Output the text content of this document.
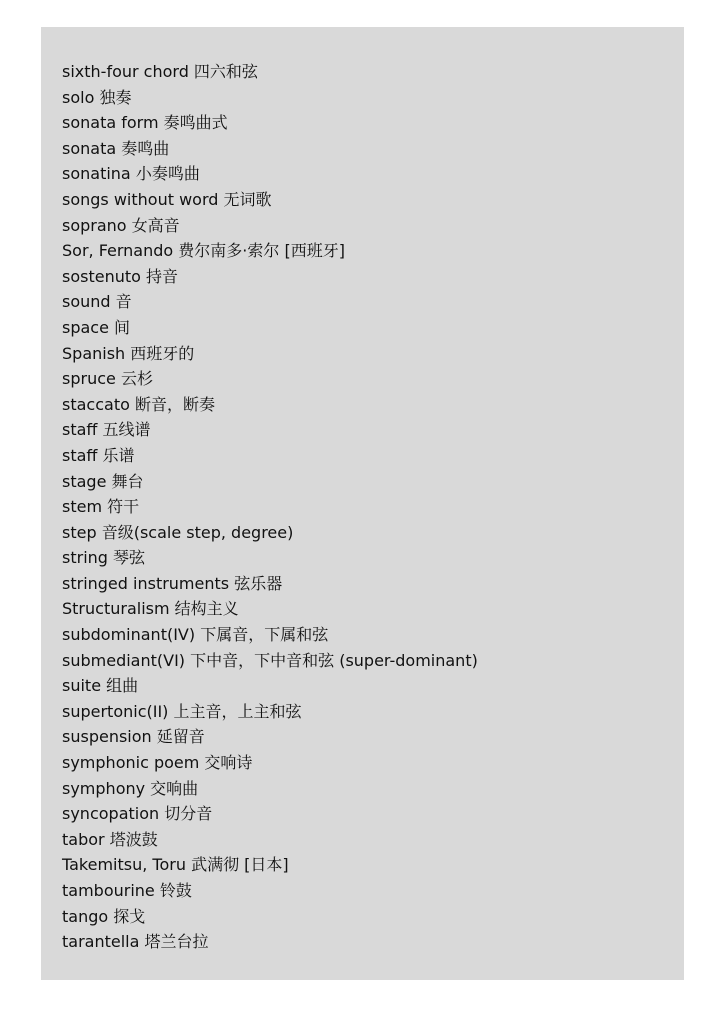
sixth-four chord 四六和弦
solo 独奏
sonata form 奏鸣曲式
sonata 奏鸣曲
sonatina 小奏鸣曲
songs without word 无词歌
soprano 女高音
Sor, Fernando 费尔南多·索尔 [西班牙]
sostenuto 持音
sound 音
space 间
Spanish 西班牙的
spruce 云杉
staccato 断音，断奏
staff 五线谱
staff 乐谱
stage 舞台
stem 符干
step 音级(scale step, degree)
string 琴弦
stringed instruments 弦乐器
Structuralism 结构主义
subdominant(IV) 下属音，下属和弦
submediant(VI) 下中音，下中音和弦 (super-dominant)
suite 组曲
supertonic(II) 上主音，上主和弦
suspension 延留音
symphonic poem 交响诗
symphony 交响曲
syncopation 切分音
tabor 塔波鼓
Takemitsu, Toru 武满彻 [日本]
tambourine 铃鼓
tango 探戈
tarantella 塔兰台拉
